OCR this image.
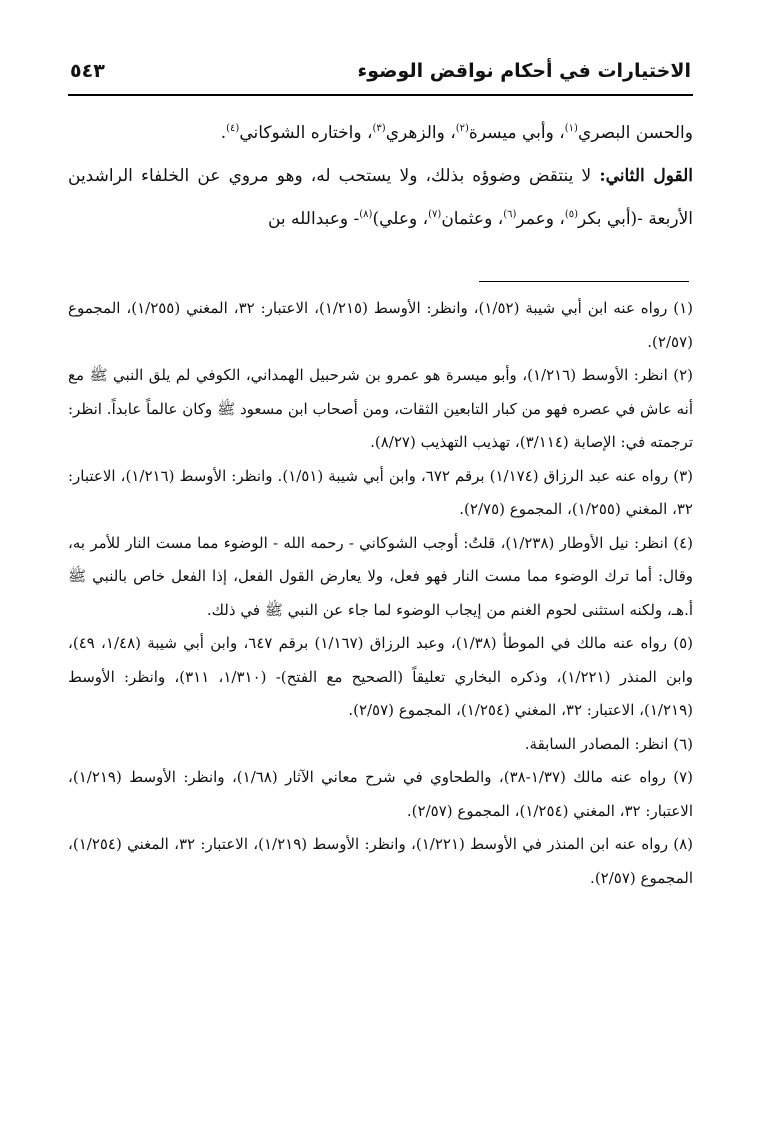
الاختيارات في أحكام نواقض الوضوء
٥٤٣

والحسن البصري$^{(١)}$، وأبي ميسرة$^{(٢)}$، والزهري$^{(٣)}$، واختاره الشوكاني$^{(٤)}$.

القول الثاني: لا ينتقض وضوؤه بذلك، ولا يستحب له، وهو مروي عن الخلفاء الراشدين الأربعة -(أبي بكر$^{(٥)}$، وعمر$^{(٦)}$، وعثمان$^{(٧)}$، وعلي)$^{(٨)}$- وعبدالله بن

(١) رواه عنه ابن أبي شيبة (١/٥٢)، وانظر: الأوسط (١/٢١٥)، الاعتبار: ٣٢، المغني (١/٢٥٥)، المجموع (٢/٥٧).

(٢) انظر: الأوسط (١/٢١٦)، وأبو ميسرة هو عمرو بن شرحبيل الهمداني، الكوفي لم يلق النبي ﷺ مع أنه عاش في عصره فهو من كبار التابعين الثقات، ومن أصحاب ابن مسعود ﷺ وكان عالماً عابداً. انظر: ترجمته في: الإصابة (٣/١١٤)، تهذيب التهذيب (٨/٢٧).

(٣) رواه عنه عبد الرزاق (١/١٧٤) برقم ٦٧٢، وابن أبي شيبة (١/٥١). وانظر: الأوسط (١/٢١٦)، الاعتبار: ٣٢، المغني (١/٢٥٥)، المجموع (٢/٧٥).

(٤) انظر: نيل الأوطار (١/٢٣٨)، قلتُ: أوجب الشوكاني - رحمه الله - الوضوء مما مست النار للأمر به، وقال: أما ترك الوضوء مما مست النار فهو فعل، ولا يعارض القول الفعل، إذا الفعل خاص بالنبي ﷺ أ.هـ، ولكنه استثنى لحوم الغنم من إيجاب الوضوء لما جاء عن النبي ﷺ في ذلك.

(٥) رواه عنه مالك في الموطأ (١/٣٨)، وعبد الرزاق (١/١٦٧) برقم ٦٤٧، وابن أبي شيبة (١/٤٨، ٤٩)، وابن المنذر (١/٢٢١)، وذكره البخاري تعليقاً (الصحيح مع الفتح)- (١/٣١٠، ٣١١)، وانظر: الأوسط (١/٢١٩)، الاعتبار: ٣٢، المغني (١/٢٥٤)، المجموع (٢/٥٧).

(٦) انظر: المصادر السابقة.

(٧) رواه عنه مالك (١/٣٧-٣٨)، والطحاوي في شرح معاني الآثار (١/٦٨)، وانظر: الأوسط (١/٢١٩)، الاعتبار: ٣٢، المغني (١/٢٥٤)، المجموع (٢/٥٧).

(٨) رواه عنه ابن المنذر في الأوسط (١/٢٢١)، وانظر: الأوسط (١/٢١٩)، الاعتبار: ٣٢، المغني (١/٢٥٤)، المجموع (٢/٥٧).
